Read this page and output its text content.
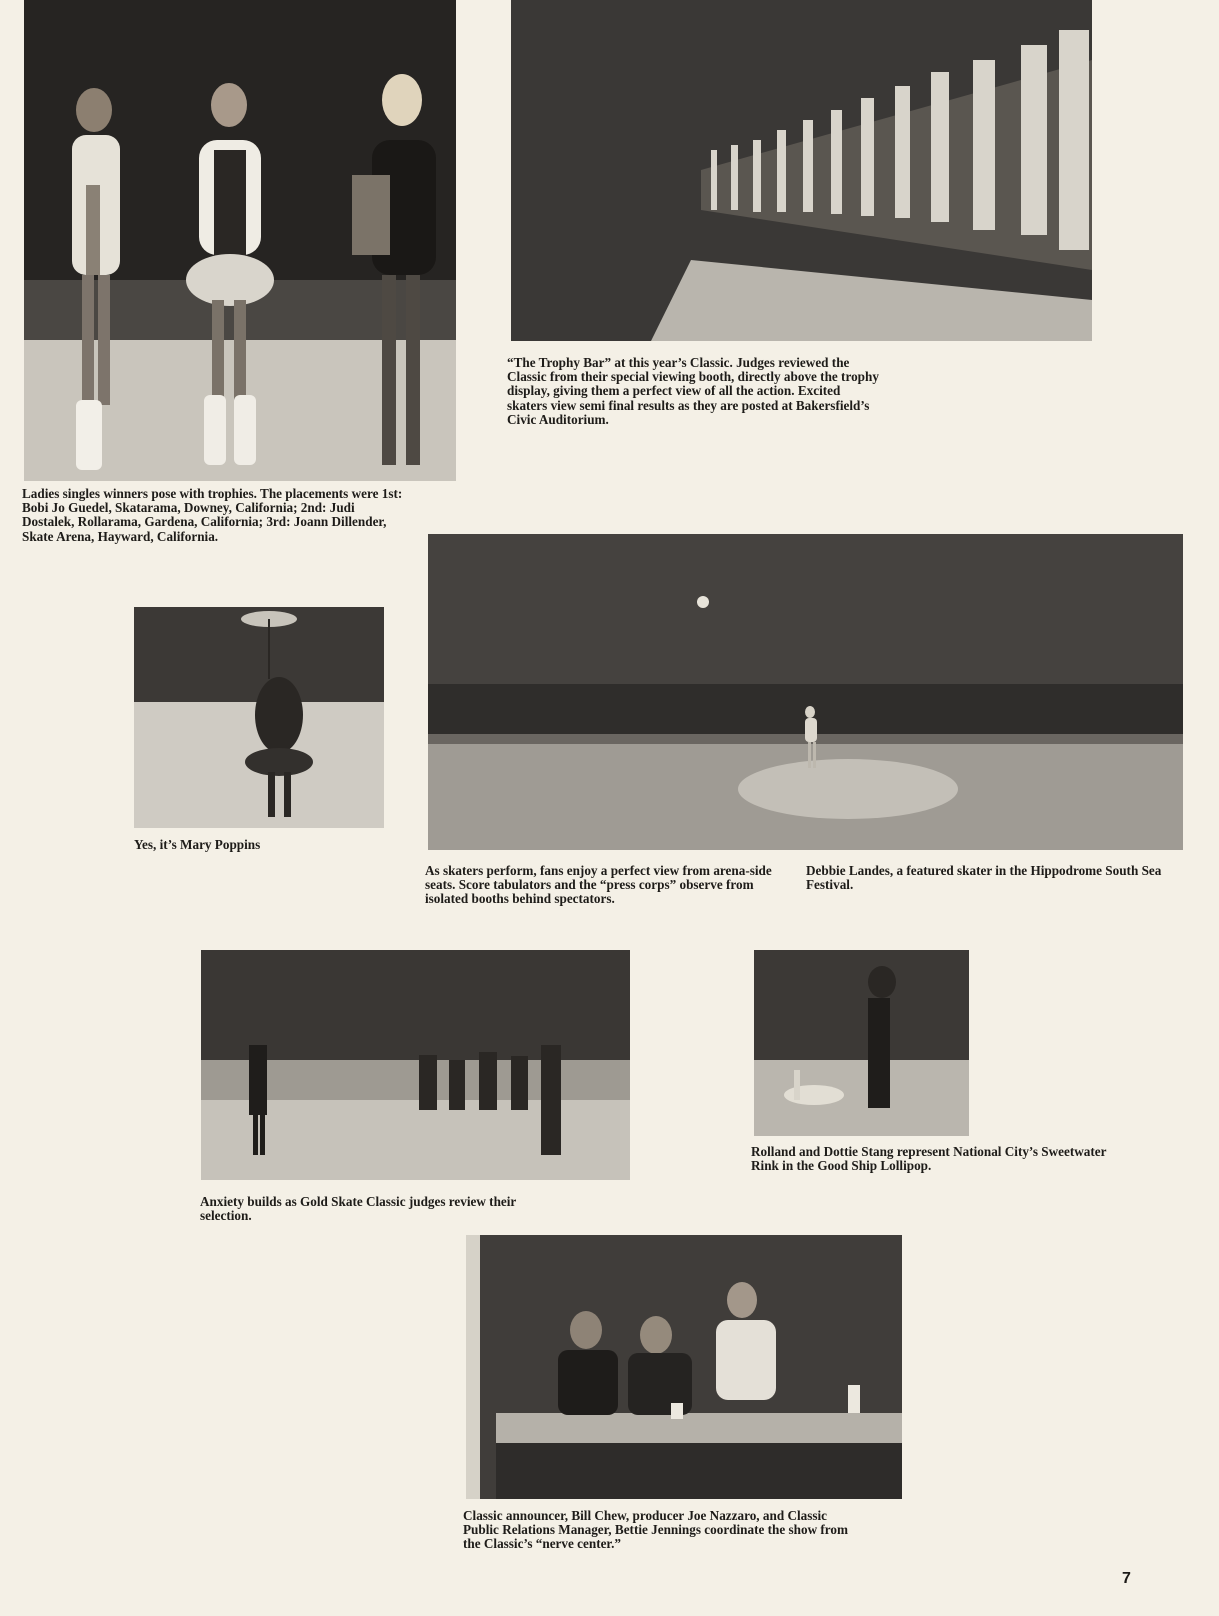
“The Trophy Bar” at this year’s Classic. Judges reviewed the Classic from their special viewing booth, directly above the trophy display, giving them a perfect view of all the action. Excited skaters view semi final results as they are posted at Bakersfield’s Civic Auditorium.

Ladies singles winners pose with trophies. The placements were 1st: Bobi Jo Guedel, Skatarama, Downey, California; 2nd: Judi Dostalek, Rollarama, Gardena, California; 3rd: Joann Dillender, Skate Arena, Hayward, California.

Yes, it’s Mary Poppins

As skaters perform, fans enjoy a perfect view from arena-side seats. Score tabulators and the “press corps” observe from isolated booths behind spectators.

Debbie Landes, a featured skater in the Hippodrome South Sea Festival.

Rolland and Dottie Stang represent National City’s Sweetwater Rink in the Good Ship Lollipop.

Anxiety builds as Gold Skate Classic judges review their selection.

Classic announcer, Bill Chew, producer Joe Nazzaro, and Classic Public Relations Manager, Bettie Jennings coordinate the show from the Classic’s “nerve center.”

7
